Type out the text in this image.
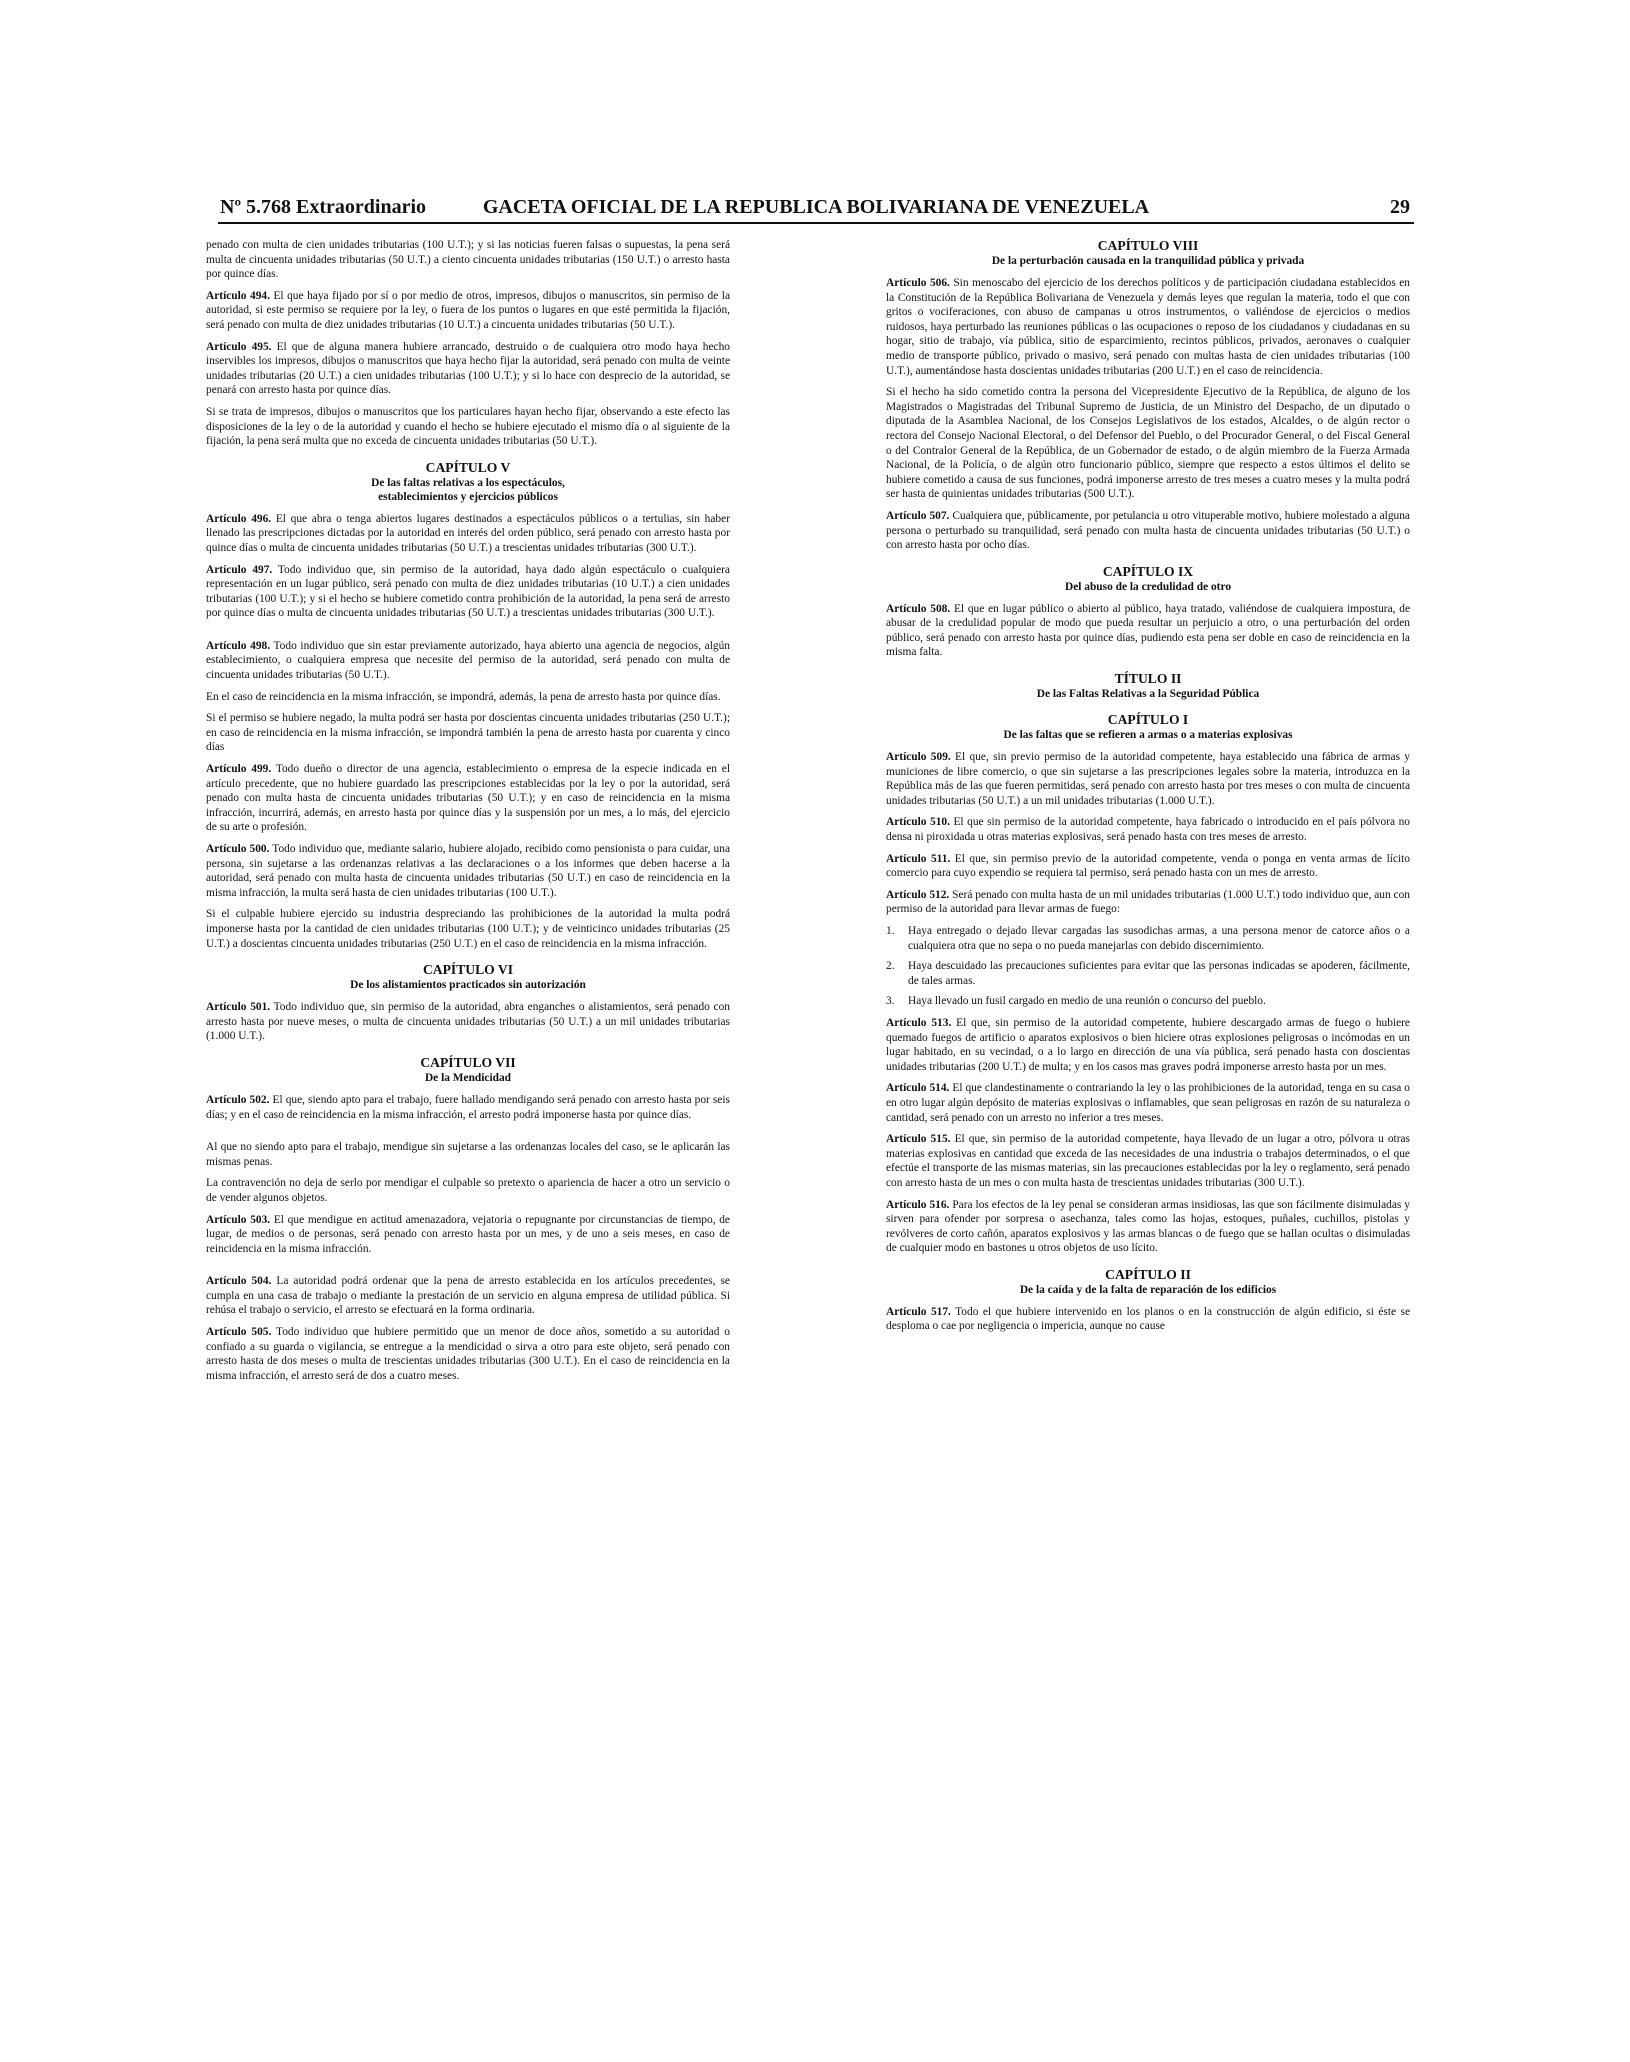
Nº 5.768 Extraordinario	GACETA OFICIAL DE LA REPUBLICA BOLIVARIANA DE VENEZUELA	29

penado con multa de cien unidades tributarias (100 U.T.); y si las noticias fueren falsas o supuestas, la pena será multa de cincuenta unidades tributarias (50 U.T.) a ciento cincuenta unidades tributarias (150 U.T.) o arresto hasta por quince días.

Artículo 494. El que haya fijado por sí o por medio de otros, impresos, dibujos o manuscritos, sin permiso de la autoridad, si este permiso se requiere por la ley, o fuera de los puntos o lugares en que esté permitida la fijación, será penado con multa de diez unidades tributarias (10 U.T.) a cincuenta unidades tributarias (50 U.T.).

Artículo 495. El que de alguna manera hubiere arrancado, destruido o de cualquiera otro modo haya hecho inservibles los impresos, dibujos o manuscritos que haya hecho fijar la autoridad, será penado con multa de veinte unidades tributarias (20 U.T.) a cien unidades tributarias (100 U.T.); y si lo hace con desprecio de la autoridad, se penará con arresto hasta por quince días.

Si se trata de impresos, dibujos o manuscritos que los particulares hayan hecho fijar, observando a este efecto las disposiciones de la ley o de la autoridad y cuando el hecho se hubiere ejecutado el mismo día o al siguiente de la fijación, la pena será multa que no exceda de cincuenta unidades tributarias (50 U.T.).

CAPÍTULO V
De las faltas relativas a los espectáculos,
establecimientos y ejercicios públicos

Artículo 496. El que abra o tenga abiertos lugares destinados a espectáculos públicos o a tertulias, sin haber llenado las prescripciones dictadas por la autoridad en interés del orden público, será penado con arresto hasta por quince días o multa de cincuenta unidades tributarias (50 U.T.) a trescientas unidades tributarias (300 U.T.).

Artículo 497. Todo individuo que, sin permiso de la autoridad, haya dado algún espectáculo o cualquiera representación en un lugar público, será penado con multa de diez unidades tributarias (10 U.T.) a cien unidades tributarias (100 U.T.); y si el hecho se hubiere cometido contra prohibición de la autoridad, la pena será de arresto por quince días o multa de cincuenta unidades tributarias (50 U.T.) a trescientas unidades tributarias (300 U.T.).

Artículo 498. Todo individuo que sin estar previamente autorizado, haya abierto una agencia de negocios, algún establecimiento, o cualquiera empresa que necesite del permiso de la autoridad, será penado con multa de cincuenta unidades tributarias (50 U.T.).

En el caso de reincidencia en la misma infracción, se impondrá, además, la pena de arresto hasta por quince días.

Si el permiso se hubiere negado, la multa podrá ser hasta por doscientas cincuenta unidades tributarias (250 U.T.); en caso de reincidencia en la misma infracción, se impondrá también la pena de arresto hasta por cuarenta y cinco días

Artículo 499. Todo dueño o director de una agencia, establecimiento o empresa de la especie indicada en el artículo precedente, que no hubiere guardado las prescripciones establecidas por la ley o por la autoridad, será penado con multa hasta de cincuenta unidades tributarias (50 U.T.); y en caso de reincidencia en la misma infracción, incurrirá, además, en arresto hasta por quince días y la suspensión por un mes, a lo más, del ejercicio de su arte o profesión.

Artículo 500. Todo individuo que, mediante salario, hubiere alojado, recibido como pensionista o para cuidar, una persona, sin sujetarse a las ordenanzas relativas a las declaraciones o a los informes que deben hacerse a la autoridad, será penado con multa hasta de cincuenta unidades tributarias (50 U.T.) en caso de reincidencia en la misma infracción, la multa será hasta de cien unidades tributarias (100 U.T.).

Si el culpable hubiere ejercido su industria despreciando las prohibiciones de la autoridad la multa podrá imponerse hasta por la cantidad de cien unidades tributarias (100 U.T.); y de veinticinco unidades tributarias (25 U.T.) a doscientas cincuenta unidades tributarias (250 U.T.) en el caso de reincidencia en la misma infracción.

CAPÍTULO VI
De los alistamientos practicados sin autorización

Artículo 501. Todo individuo que, sin permiso de la autoridad, abra enganches o alistamientos, será penado con arresto hasta por nueve meses, o multa de cincuenta unidades tributarias (50 U.T.) a un mil unidades tributarias (1.000 U.T.).

CAPÍTULO VII
De la Mendicidad

Artículo 502. El que, siendo apto para el trabajo, fuere hallado mendigando será penado con arresto hasta por seis días; y en el caso de reincidencia en la misma infracción, el arresto podrá imponerse hasta por quince días.

Al que no siendo apto para el trabajo, mendigue sin sujetarse a las ordenanzas locales del caso, se le aplicarán las mismas penas.

La contravención no deja de serlo por mendigar el culpable so pretexto o apariencia de hacer a otro un servicio o de vender algunos objetos.

Artículo 503. El que mendigue en actitud amenazadora, vejatoria o repugnante por circunstancias de tiempo, de lugar, de medios o de personas, será penado con arresto hasta por un mes, y de uno a seis meses, en caso de reincidencia en la misma infracción.

Artículo 504. La autoridad podrá ordenar que la pena de arresto establecida en los artículos precedentes, se cumpla en una casa de trabajo o mediante la prestación de un servicio en alguna empresa de utilidad pública. Si rehúsa el trabajo o servicio, el arresto se efectuará en la forma ordinaria.

Artículo 505. Todo individuo que hubiere permitido que un menor de doce años, sometido a su autoridad o confiado a su guarda o vigilancia, se entregue a la mendicidad o sirva a otro para este objeto, será penado con arresto hasta de dos meses o multa de trescientas unidades tributarias (300 U.T.). En el caso de reincidencia en la misma infracción, el arresto será de dos a cuatro meses.

CAPÍTULO VIII
De la perturbación causada en la tranquilidad pública y privada

Artículo 506. Sin menoscabo del ejercicio de los derechos políticos y de participación ciudadana establecidos en la Constitución de la República Bolivariana de Venezuela y demás leyes que regulan la materia, todo el que con gritos o vociferaciones, con abuso de campanas u otros instrumentos, o valiéndose de ejercicios o medios ruidosos, haya perturbado las reuniones públicas o las ocupaciones o reposo de los ciudadanos y ciudadanas en su hogar, sitio de trabajo, vía pública, sitio de esparcimiento, recintos públicos, privados, aeronaves o cualquier medio de transporte público, privado o masivo, será penado con multas hasta de cien unidades tributarias (100 U.T.), aumentándose hasta doscientas unidades tributarias (200 U.T.) en el caso de reincidencia.

Si el hecho ha sido cometido contra la persona del Vicepresidente Ejecutivo de la República, de alguno de los Magistrados o Magistradas del Tribunal Supremo de Justicia, de un Ministro del Despacho, de un diputado o diputada de la Asamblea Nacional, de los Consejos Legislativos de los estados, Alcaldes, o de algún rector o rectora del Consejo Nacional Electoral, o del Defensor del Pueblo, o del Procurador General, o del Fiscal General o del Contralor General de la República, de un Gobernador de estado, o de algún miembro de la Fuerza Armada Nacional, de la Policía, o de algún otro funcionario público, siempre que respecto a estos últimos el delito se hubiere cometido a causa de sus funciones, podrá imponerse arresto de tres meses a cuatro meses y la multa podrá ser hasta de quinientas unidades tributarias (500 U.T.).

Artículo 507. Cualquiera que, públicamente, por petulancia u otro vituperable motivo, hubiere molestado a alguna persona o perturbado su tranquilidad, será penado con multa hasta de cincuenta unidades tributarias (50 U.T.) o con arresto hasta por ocho días.

CAPÍTULO IX
Del abuso de la credulidad de otro

Artículo 508. El que en lugar público o abierto al público, haya tratado, valiéndose de cualquiera impostura, de abusar de la credulidad popular de modo que pueda resultar un perjuicio a otro, o una perturbación del orden público, será penado con arresto hasta por quince días, pudiendo esta pena ser doble en caso de reincidencia en la misma falta.

TÍTULO II
De las Faltas Relativas a la Seguridad Pública
CAPÍTULO I
De las faltas que se refieren a armas o a materias explosivas

Artículo 509. El que, sin previo permiso de la autoridad competente, haya establecido una fábrica de armas y municiones de libre comercio, o que sin sujetarse a las prescripciones legales sobre la materia, introduzca en la República más de las que fueren permitidas, será penado con arresto hasta por tres meses o con multa de cincuenta unidades tributarias (50 U.T.) a un mil unidades tributarias (1.000 U.T.).

Artículo 510. El que sin permiso de la autoridad competente, haya fabricado o introducido en el país pólvora no densa ni piroxidada u otras materias explosivas, será penado hasta con tres meses de arresto.

Artículo 511. El que, sin permiso previo de la autoridad competente, venda o ponga en venta armas de lícito comercio para cuyo expendio se requiera tal permiso, será penado hasta con un mes de arresto.

Artículo 512. Será penado con multa hasta de un mil unidades tributarias (1.000 U.T.) todo individuo que, aun con permiso de la autoridad para llevar armas de fuego:

1. Haya entregado o dejado llevar cargadas las susodichas armas, a una persona menor de catorce años o a cualquiera otra que no sepa o no pueda manejarlas con debido discernimiento.
2. Haya descuidado las precauciones suficientes para evitar que las personas indicadas se apoderen, fácilmente, de tales armas.
3. Haya llevado un fusil cargado en medio de una reunión o concurso del pueblo.

Artículo 513. El que, sin permiso de la autoridad competente, hubiere descargado armas de fuego o hubiere quemado fuegos de artificio o aparatos explosivos o bien hiciere otras explosiones peligrosas o incómodas en un lugar habitado, en su vecindad, o a lo largo en dirección de una vía pública, será penado hasta con doscientas unidades tributarias (200 U.T.) de multa; y en los casos mas graves podrá imponerse arresto hasta por un mes.

Artículo 514. El que clandestinamente o contrariando la ley o las prohibiciones de la autoridad, tenga en su casa o en otro lugar algún depósito de materias explosivas o inflamables, que sean peligrosas en razón de su naturaleza o cantidad, será penado con un arresto no inferior a tres meses.

Artículo 515. El que, sin permiso de la autoridad competente, haya llevado de un lugar a otro, pólvora u otras materias explosivas en cantidad que exceda de las necesidades de una industria o trabajos determinados, o el que efectúe el transporte de las mismas materias, sin las precauciones establecidas por la ley o reglamento, será penado con arresto hasta de un mes o con multa hasta de trescientas unidades tributarias (300 U.T.).

Artículo 516. Para los efectos de la ley penal se consideran armas insidiosas, las que son fácilmente disimuladas y sirven para ofender por sorpresa o asechanza, tales como las hojas, estoques, puñales, cuchillos, pistolas y revólveres de corto cañón, aparatos explosivos y las armas blancas o de fuego que se hallan ocultas o disimuladas de cualquier modo en bastones u otros objetos de uso lícito.

CAPÍTULO II
De la caída y de la falta de reparación de los edificios

Artículo 517. Todo el que hubiere intervenido en los planos o en la construcción de algún edificio, si éste se desploma o cae por negligencia o impericia, aunque no cause
